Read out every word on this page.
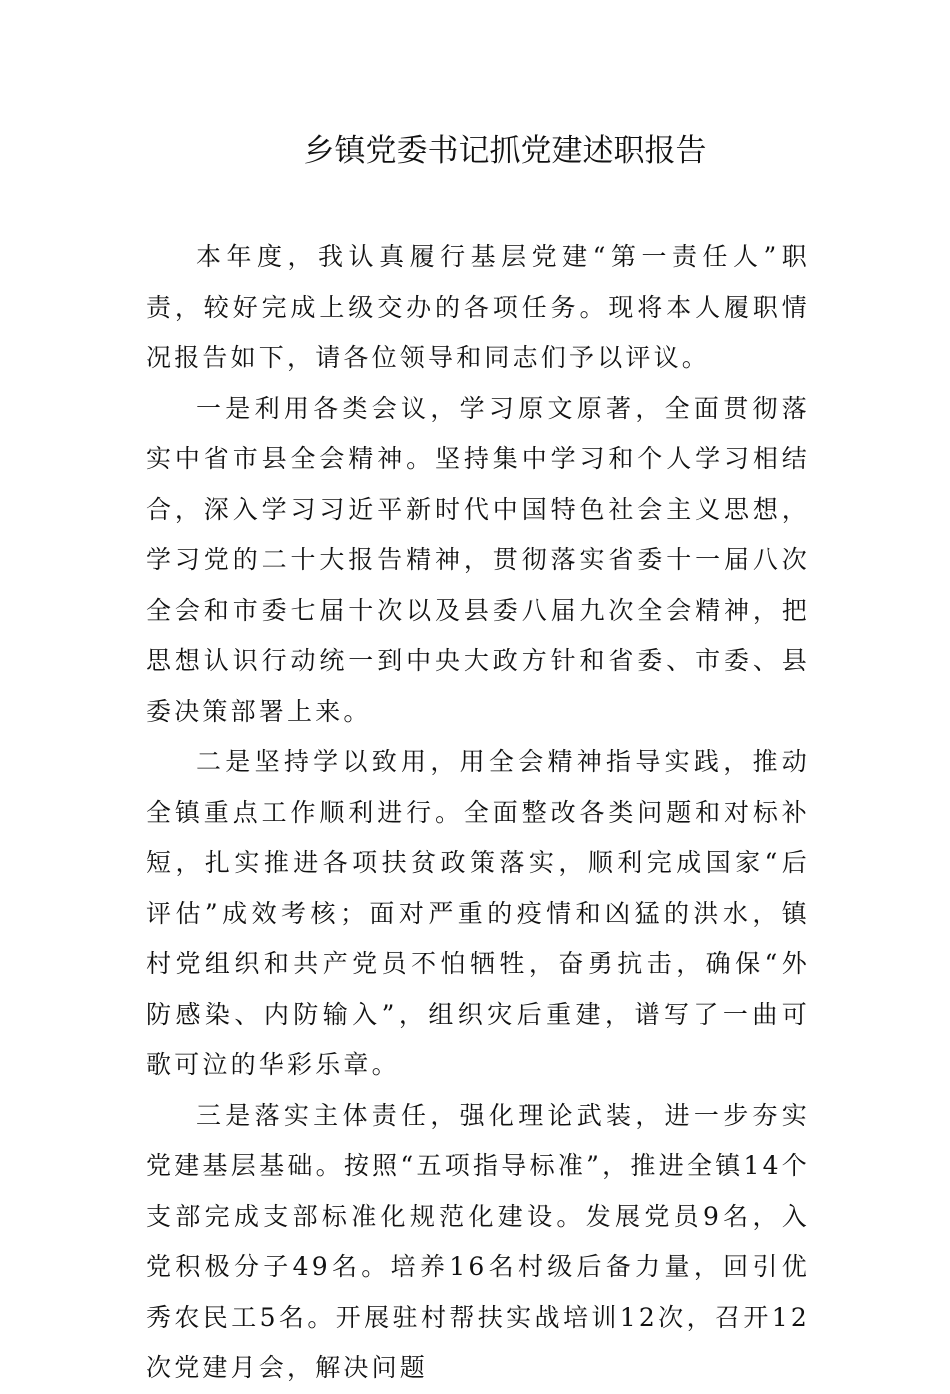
乡镇党委书记抓党建述职报告

本年度，我认真履行基层党建“第一责任人”职责，较好完成上级交办的各项任务。现将本人履职情况报告如下，请各位领导和同志们予以评议。

一是利用各类会议，学习原文原著，全面贯彻落实中省市县全会精神。坚持集中学习和个人学习相结合，深入学习习近平新时代中国特色社会主义思想，学习党的二十大报告精神，贯彻落实省委十一届八次全会和市委七届十次以及县委八届九次全会精神，把思想认识行动统一到中央大政方针和省委、市委、县委决策部署上来。

二是坚持学以致用，用全会精神指导实践，推动全镇重点工作顺利进行。全面整改各类问题和对标补短，扎实推进各项扶贫政策落实，顺利完成国家“后评估”成效考核；面对严重的疫情和凶猛的洪水，镇村党组织和共产党员不怕牺牲，奋勇抗击，确保“外防感染、内防输入”，组织灾后重建，谱写了一曲可歌可泣的华彩乐章。

三是落实主体责任，强化理论武装，进一步夯实党建基层基础。按照“五项指导标准”，推进全镇14个支部完成支部标准化规范化建设。发展党员9名，入党积极分子49名。培养16名村级后备力量，回引优秀农民工5名。开展驻村帮扶实战培训12次，召开12次党建月会，解决问题
